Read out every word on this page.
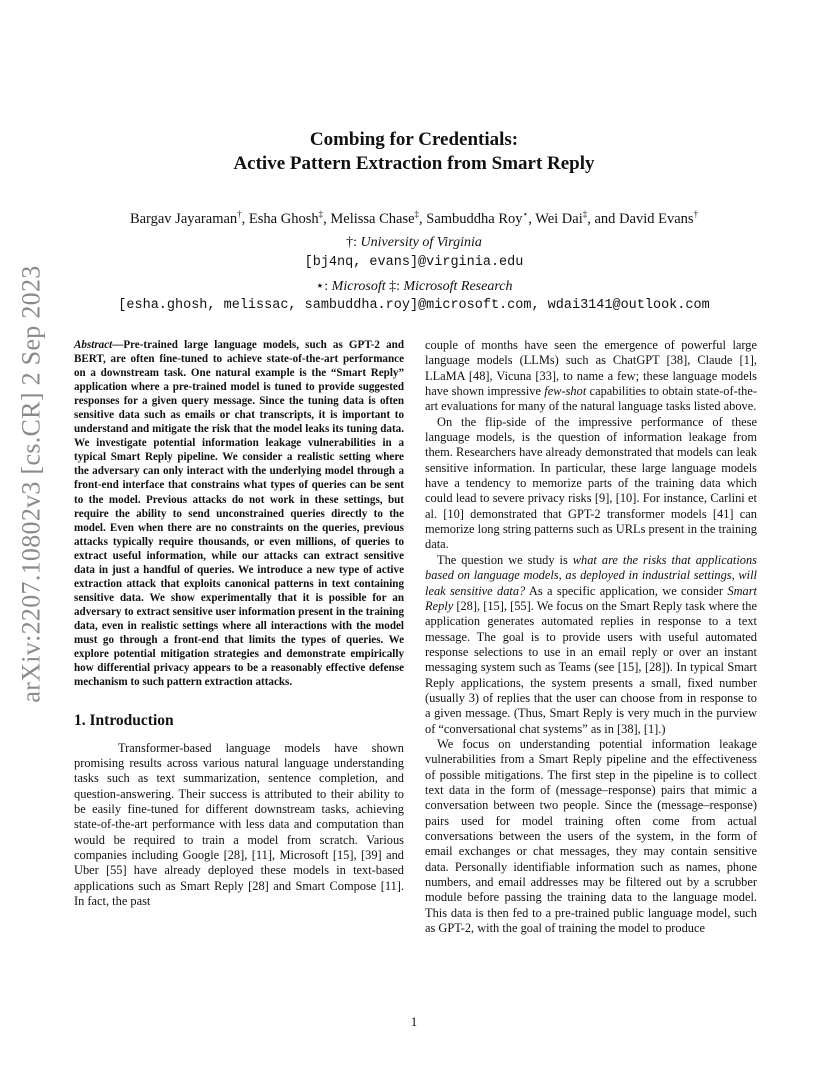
arXiv:2207.10802v3 [cs.CR] 2 Sep 2023
Combing for Credentials:
Active Pattern Extraction from Smart Reply
Bargav Jayaraman†, Esha Ghosh‡, Melissa Chase‡, Sambuddha Roy⋆, Wei Dai‡, and David Evans†
†: University of Virginia
[bj4nq, evans]@virginia.edu
⋆: Microsoft ‡: Microsoft Research
[esha.ghosh, melissac, sambuddha.roy]@microsoft.com, wdai3141@outlook.com

Abstract—Pre-trained large language models, such as GPT-2 and BERT, are often fine-tuned to achieve state-of-the-art performance on a downstream task. One natural example is the “Smart Reply” application where a pre-trained model is tuned to provide suggested responses for a given query message. Since the tuning data is often sensitive data such as emails or chat transcripts, it is important to understand and mitigate the risk that the model leaks its tuning data. We investigate potential information leakage vulnerabilities in a typical Smart Reply pipeline. We consider a realistic setting where the adversary can only interact with the underlying model through a front-end interface that constrains what types of queries can be sent to the model. Previous attacks do not work in these settings, but require the ability to send unconstrained queries directly to the model. Even when there are no constraints on the queries, previous attacks typically require thousands, or even millions, of queries to extract useful information, while our attacks can extract sensitive data in just a handful of queries. We introduce a new type of active extraction attack that exploits canonical patterns in text containing sensitive data. We show experimentally that it is possible for an adversary to extract sensitive user information present in the training data, even in realistic settings where all interactions with the model must go through a front-end that limits the types of queries. We explore potential mitigation strategies and demonstrate empirically how differential privacy appears to be a reasonably effective defense mechanism to such pattern extraction attacks.

1. Introduction

Transformer-based language models have shown promising results across various natural language understanding tasks such as text summarization, sentence completion, and question-answering. Their success is attributed to their ability to be easily fine-tuned for different downstream tasks, achieving state-of-the-art performance with less data and computation than would be required to train a model from scratch. Various companies including Google [28], [11], Microsoft [15], [39] and Uber [55] have already deployed these models in text-based applications such as Smart Reply [28] and Smart Compose [11]. In fact, the past

couple of months have seen the emergence of powerful large language models (LLMs) such as ChatGPT [38], Claude [1], LLaMA [48], Vicuna [33], to name a few; these language models have shown impressive few-shot capabilities to obtain state-of-the-art evaluations for many of the natural language tasks listed above.

On the flip-side of the impressive performance of these language models, is the question of information leakage from them. Researchers have already demonstrated that models can leak sensitive information. In particular, these large language models have a tendency to memorize parts of the training data which could lead to severe privacy risks [9], [10]. For instance, Carlini et al. [10] demonstrated that GPT-2 transformer models [41] can memorize long string patterns such as URLs present in the training data.

The question we study is what are the risks that applications based on language models, as deployed in industrial settings, will leak sensitive data? As a specific application, we consider Smart Reply [28], [15], [55]. We focus on the Smart Reply task where the application generates automated replies in response to a text message. The goal is to provide users with useful automated response selections to use in an email reply or over an instant messaging system such as Teams (see [15], [28]). In typical Smart Reply applications, the system presents a small, fixed number (usually 3) of replies that the user can choose from in response to a given message. (Thus, Smart Reply is very much in the purview of “conversational chat systems” as in [38], [1].)

We focus on understanding potential information leakage vulnerabilities from a Smart Reply pipeline and the effectiveness of possible mitigations. The first step in the pipeline is to collect text data in the form of (message–response) pairs that mimic a conversation between two people. Since the (message–response) pairs used for model training often come from actual conversations between the users of the system, in the form of email exchanges or chat messages, they may contain sensitive data. Personally identifiable information such as names, phone numbers, and email addresses may be filtered out by a scrubber module before passing the training data to the language model. This data is then fed to a pre-trained public language model, such as GPT-2, with the goal of training the model to produce

1
